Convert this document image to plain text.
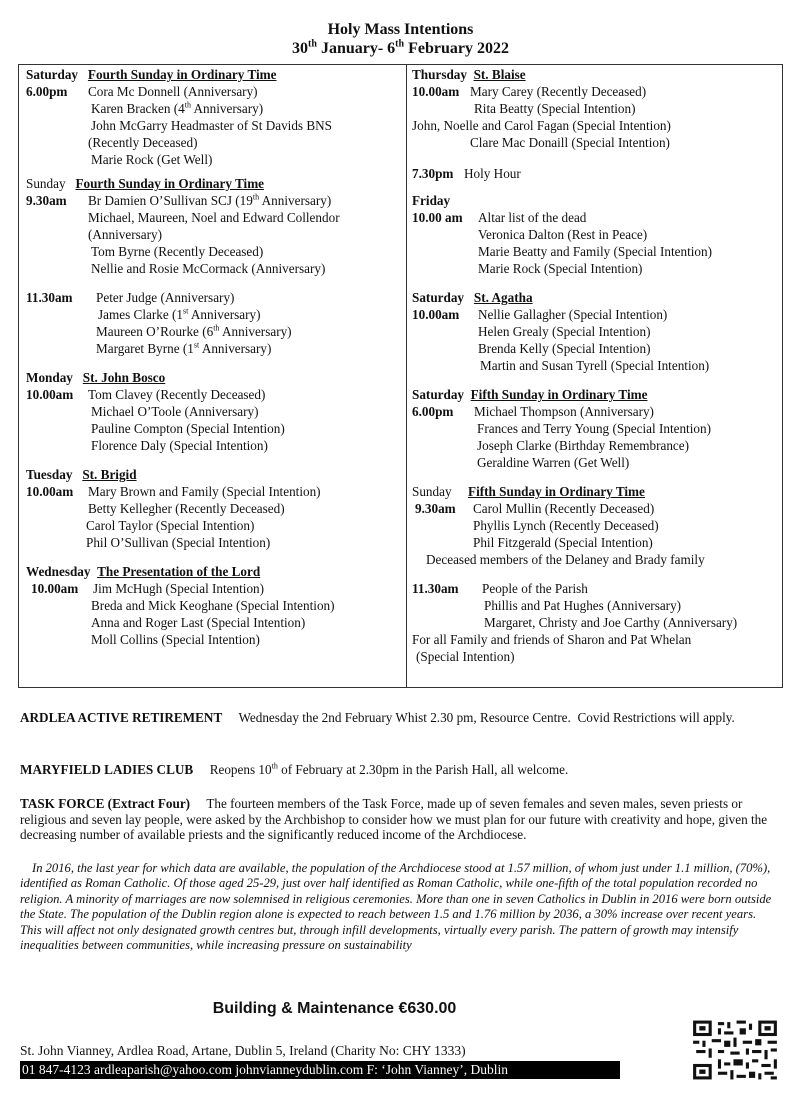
Holy Mass Intentions
30th January- 6th February 2022
Saturday Fourth Sunday in Ordinary Time
6.00pm Cora Mc Donnell (Anniversary)
Karen Bracken (4th Anniversary)
John McGarry Headmaster of St Davids BNS
(Recently Deceased)
Marie Rock (Get Well)
Sunday Fourth Sunday in Ordinary Time
9.30am Br Damien O’Sullivan SCJ (19th Anniversary)
Michael, Maureen, Noel and Edward Collendor
(Anniversary)
Tom Byrne (Recently Deceased)
Nellie and Rosie McCormack (Anniversary)
11.30am Peter Judge (Anniversary)
James Clarke (1st Anniversary)
Maureen O’Rourke (6th Anniversary)
Margaret Byrne (1st Anniversary)
Monday St. John Bosco
10.00am Tom Clavey (Recently Deceased)
Michael O’Toole (Anniversary)
Pauline Compton (Special Intention)
Florence Daly (Special Intention)
Tuesday St. Brigid
10.00am Mary Brown and Family (Special Intention)
Betty Kellegher (Recently Deceased)
Carol Taylor (Special Intention)
Phil O’Sullivan (Special Intention)
Wednesday The Presentation of the Lord
10.00am Jim McHugh (Special Intention)
Breda and Mick Keoghane (Special Intention)
Anna and Roger Last (Special Intention)
Moll Collins (Special Intention)
Thursday St. Blaise
10.00am Mary Carey (Recently Deceased)
Rita Beatty (Special Intention)
John, Noelle and Carol Fagan (Special Intention)
Clare Mac Donaill (Special Intention)
7.30pm Holy Hour
Friday
10.00 am Altar list of the dead
Veronica Dalton (Rest in Peace)
Marie Beatty and Family (Special Intention)
Marie Rock (Special Intention)
Saturday St. Agatha
10.00am Nellie Gallagher (Special Intention)
Helen Grealy (Special Intention)
Brenda Kelly (Special Intention)
Martin and Susan Tyrell (Special Intention)
Saturday Fifth Sunday in Ordinary Time
6.00pm Michael Thompson (Anniversary)
Frances and Terry Young (Special Intention)
Joseph Clarke (Birthday Remembrance)
Geraldine Warren (Get Well)
Sunday Fifth Sunday in Ordinary Time
9.30am Carol Mullin (Recently Deceased)
Phyllis Lynch (Recently Deceased)
Phil Fitzgerald (Special Intention)
Deceased members of the Delaney and Brady family
11.30am People of the Parish
Phillis and Pat Hughes (Anniversary)
Margaret, Christy and Joe Carthy (Anniversary)
For all Family and friends of Sharon and Pat Whelan
(Special Intention)
ARDLEA ACTIVE RETIREMENT Wednesday the 2nd February Whist 2.30 pm, Resource Centre. Covid Restrictions will apply.
MARYFIELD LADIES CLUB Reopens 10th of February at 2.30pm in the Parish Hall, all welcome.
TASK FORCE (Extract Four) The fourteen members of the Task Force, made up of seven females and seven males, seven priests or religious and seven lay people, were asked by the Archbishop to consider how we must plan for our future with creativity and hope, given the decreasing number of available priests and the significantly reduced income of the Archdiocese.
In 2016, the last year for which data are available, the population of the Archdiocese stood at 1.57 million, of whom just under 1.1 million, (70%), identified as Roman Catholic. Of those aged 25-29, just over half identified as Roman Catholic, while one-fifth of the total population recorded no religion. A minority of marriages are now solemnised in religious ceremonies. More than one in seven Catholics in Dublin in 2016 were born outside the State. The population of the Dublin region alone is expected to reach between 1.5 and 1.76 million by 2036, a 30% increase over recent years. This will affect not only designated growth centres but, through infill developments, virtually every parish. The pattern of growth may intensify inequalities between communities, while increasing pressure on sustainability
Building & Maintenance €630.00
St. John Vianney, Ardlea Road, Artane, Dublin 5, Ireland (Charity No: CHY 1333)
01 847-4123 ardleaparish@yahoo.com johnvianneydublin.com F: ‘John Vianney’, Dublin
